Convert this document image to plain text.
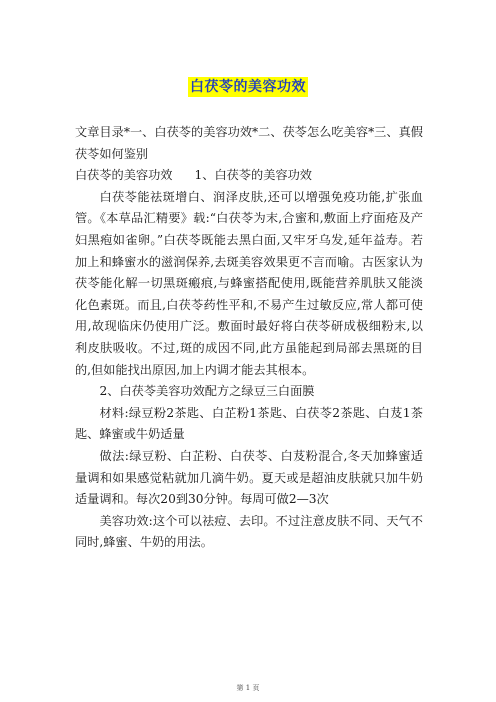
白茯苓的美容功效

文章目录*一、白茯苓的美容功效*二、茯苓怎么吃美容*三、真假茯苓如何鉴别

白茯苓的美容功效 1、白茯苓的美容功效

白茯苓能祛斑增白、润泽皮肤,还可以增强免疫功能,扩张血管。《本草品汇精要》载:“白茯苓为末,合蜜和,敷面上疗面疮及产妇黑疱如雀卵。”白茯苓既能去黑白面,又牢牙乌发,延年益寿。若加上和蜂蜜水的滋润保养,去斑美容效果更不言而喻。古医家认为茯苓能化解一切黑斑瘢痕,与蜂蜜搭配使用,既能营养肌肤又能淡化色素斑。而且,白茯苓药性平和,不易产生过敏反应,常人都可使用,故现临床仍使用广泛。敷面时最好将白茯苓研成极细粉末,以利皮肤吸收。不过,斑的成因不同,此方虽能起到局部去黑斑的目的,但如能找出原因,加上内调才能去其根本。

2、白茯苓美容功效配方之绿豆三白面膜

材料:绿豆粉2茶匙、白芷粉1茶匙、白茯苓2茶匙、白芨1茶匙、蜂蜜或牛奶适量

做法:绿豆粉、白芷粉、白茯苓、白芨粉混合,冬天加蜂蜜适量调和如果感觉粘就加几滴牛奶。夏天或是超油皮肤就只加牛奶适量调和。每次20到30分钟。每周可做2—3次

美容功效:这个可以祛痘、去印。不过注意皮肤不同、天气不同时,蜂蜜、牛奶的用法。

第 1 页
